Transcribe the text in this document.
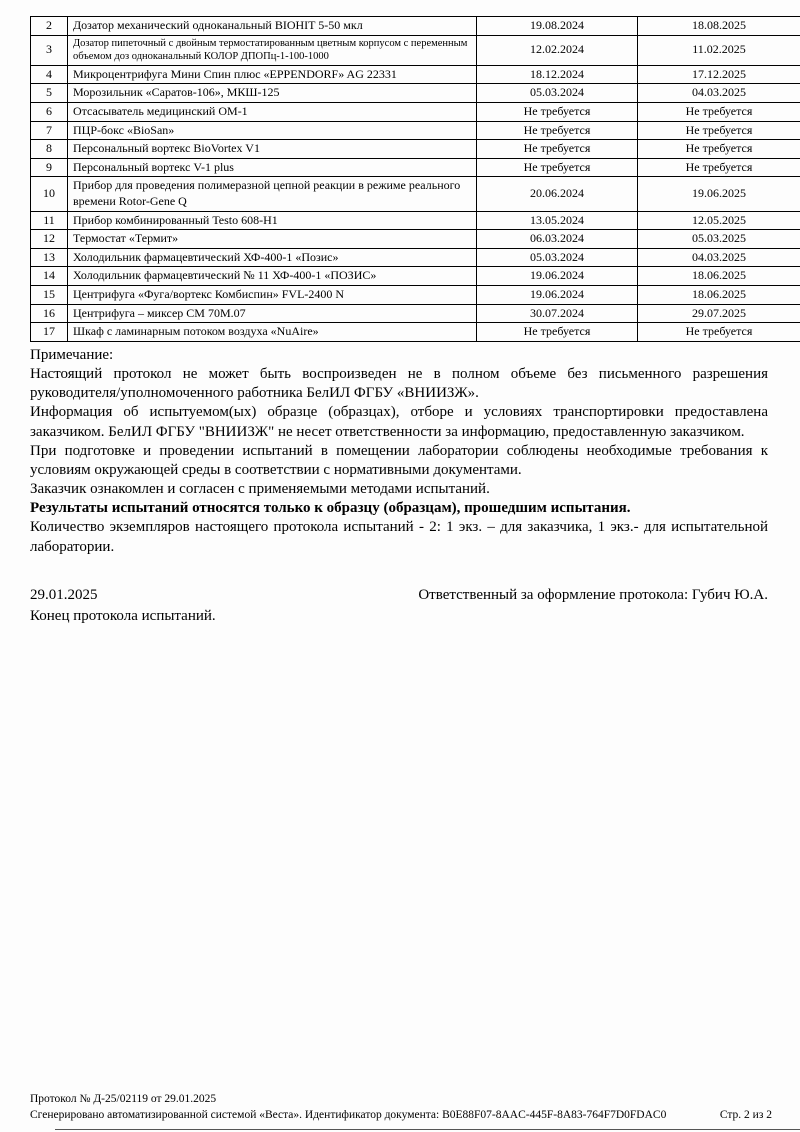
2	Дозатор механический одноканальный BIOHIT 5-50 мкл	19.08.2024	18.08.2025
3	Дозатор пипеточный с двойным термостатированным цветным корпусом с переменным объемом доз одноканальный КОЛОР ДПОПц-1-100-1000	12.02.2024	11.02.2025
4	Микроцентрифуга Мини Спин плюс «EPPENDORF» AG 22331	18.12.2024	17.12.2025
5	Морозильник «Саратов-106», МКШ-125	05.03.2024	04.03.2025
6	Отсасыватель медицинский ОМ-1	Не требуется	Не требуется
7	ПЦР-бокс «BioSan»	Не требуется	Не требуется
8	Персональный вортекс BioVortex V1	Не требуется	Не требуется
9	Персональный вортекс V-1 plus	Не требуется	Не требуется
10	Прибор для проведения полимеразной цепной реакции в режиме реального времени Rotor-Gene Q	20.06.2024	19.06.2025
11	Прибор комбинированный Testo 608-H1	13.05.2024	12.05.2025
12	Термостат «Термит»	06.03.2024	05.03.2025
13	Холодильник фармацевтический ХФ-400-1 «Позис»	05.03.2024	04.03.2025
14	Холодильник фармацевтический № 11 ХФ-400-1 «ПОЗИС»	19.06.2024	18.06.2025
15	Центрифуга «Фуга/вортекс Комбиспин» FVL-2400 N	19.06.2024	18.06.2025
16	Центрифуга – миксер СМ 70М.07	30.07.2024	29.07.2025
17	Шкаф с ламинарным потоком воздуха «NuAire»	Не требуется	Не требуется

Примечание:

Настоящий протокол не может быть воспроизведен не в полном объеме без письменного разрешения руководителя/уполномоченного работника БелИЛ ФГБУ «ВНИИЗЖ».

Информация об испытуемом(ых) образце (образцах), отборе и условиях транспортировки предоставлена заказчиком. БелИЛ ФГБУ "ВНИИЗЖ" не несет ответственности за информацию, предоставленную заказчиком.

При подготовке и проведении испытаний в помещении лаборатории соблюдены необходимые требования к условиям окружающей среды в соответствии с нормативными документами.

Заказчик ознакомлен и согласен с применяемыми методами испытаний.

Результаты испытаний относятся только к образцу (образцам), прошедшим испытания.

Количество экземпляров настоящего протокола испытаний - 2: 1 экз. – для заказчика, 1 экз.- для испытательной лаборатории.

29.01.2025	Ответственный за оформление протокола: Губич Ю.А.
Конец протокола испытаний.
Протокол № Д-25/02119 от 29.01.2025
Сгенерировано автоматизированной системой «Веста». Идентификатор документа: B0E88F07-8AAC-445F-8A83-764F7D0FDAC0	Стр. 2 из 2
